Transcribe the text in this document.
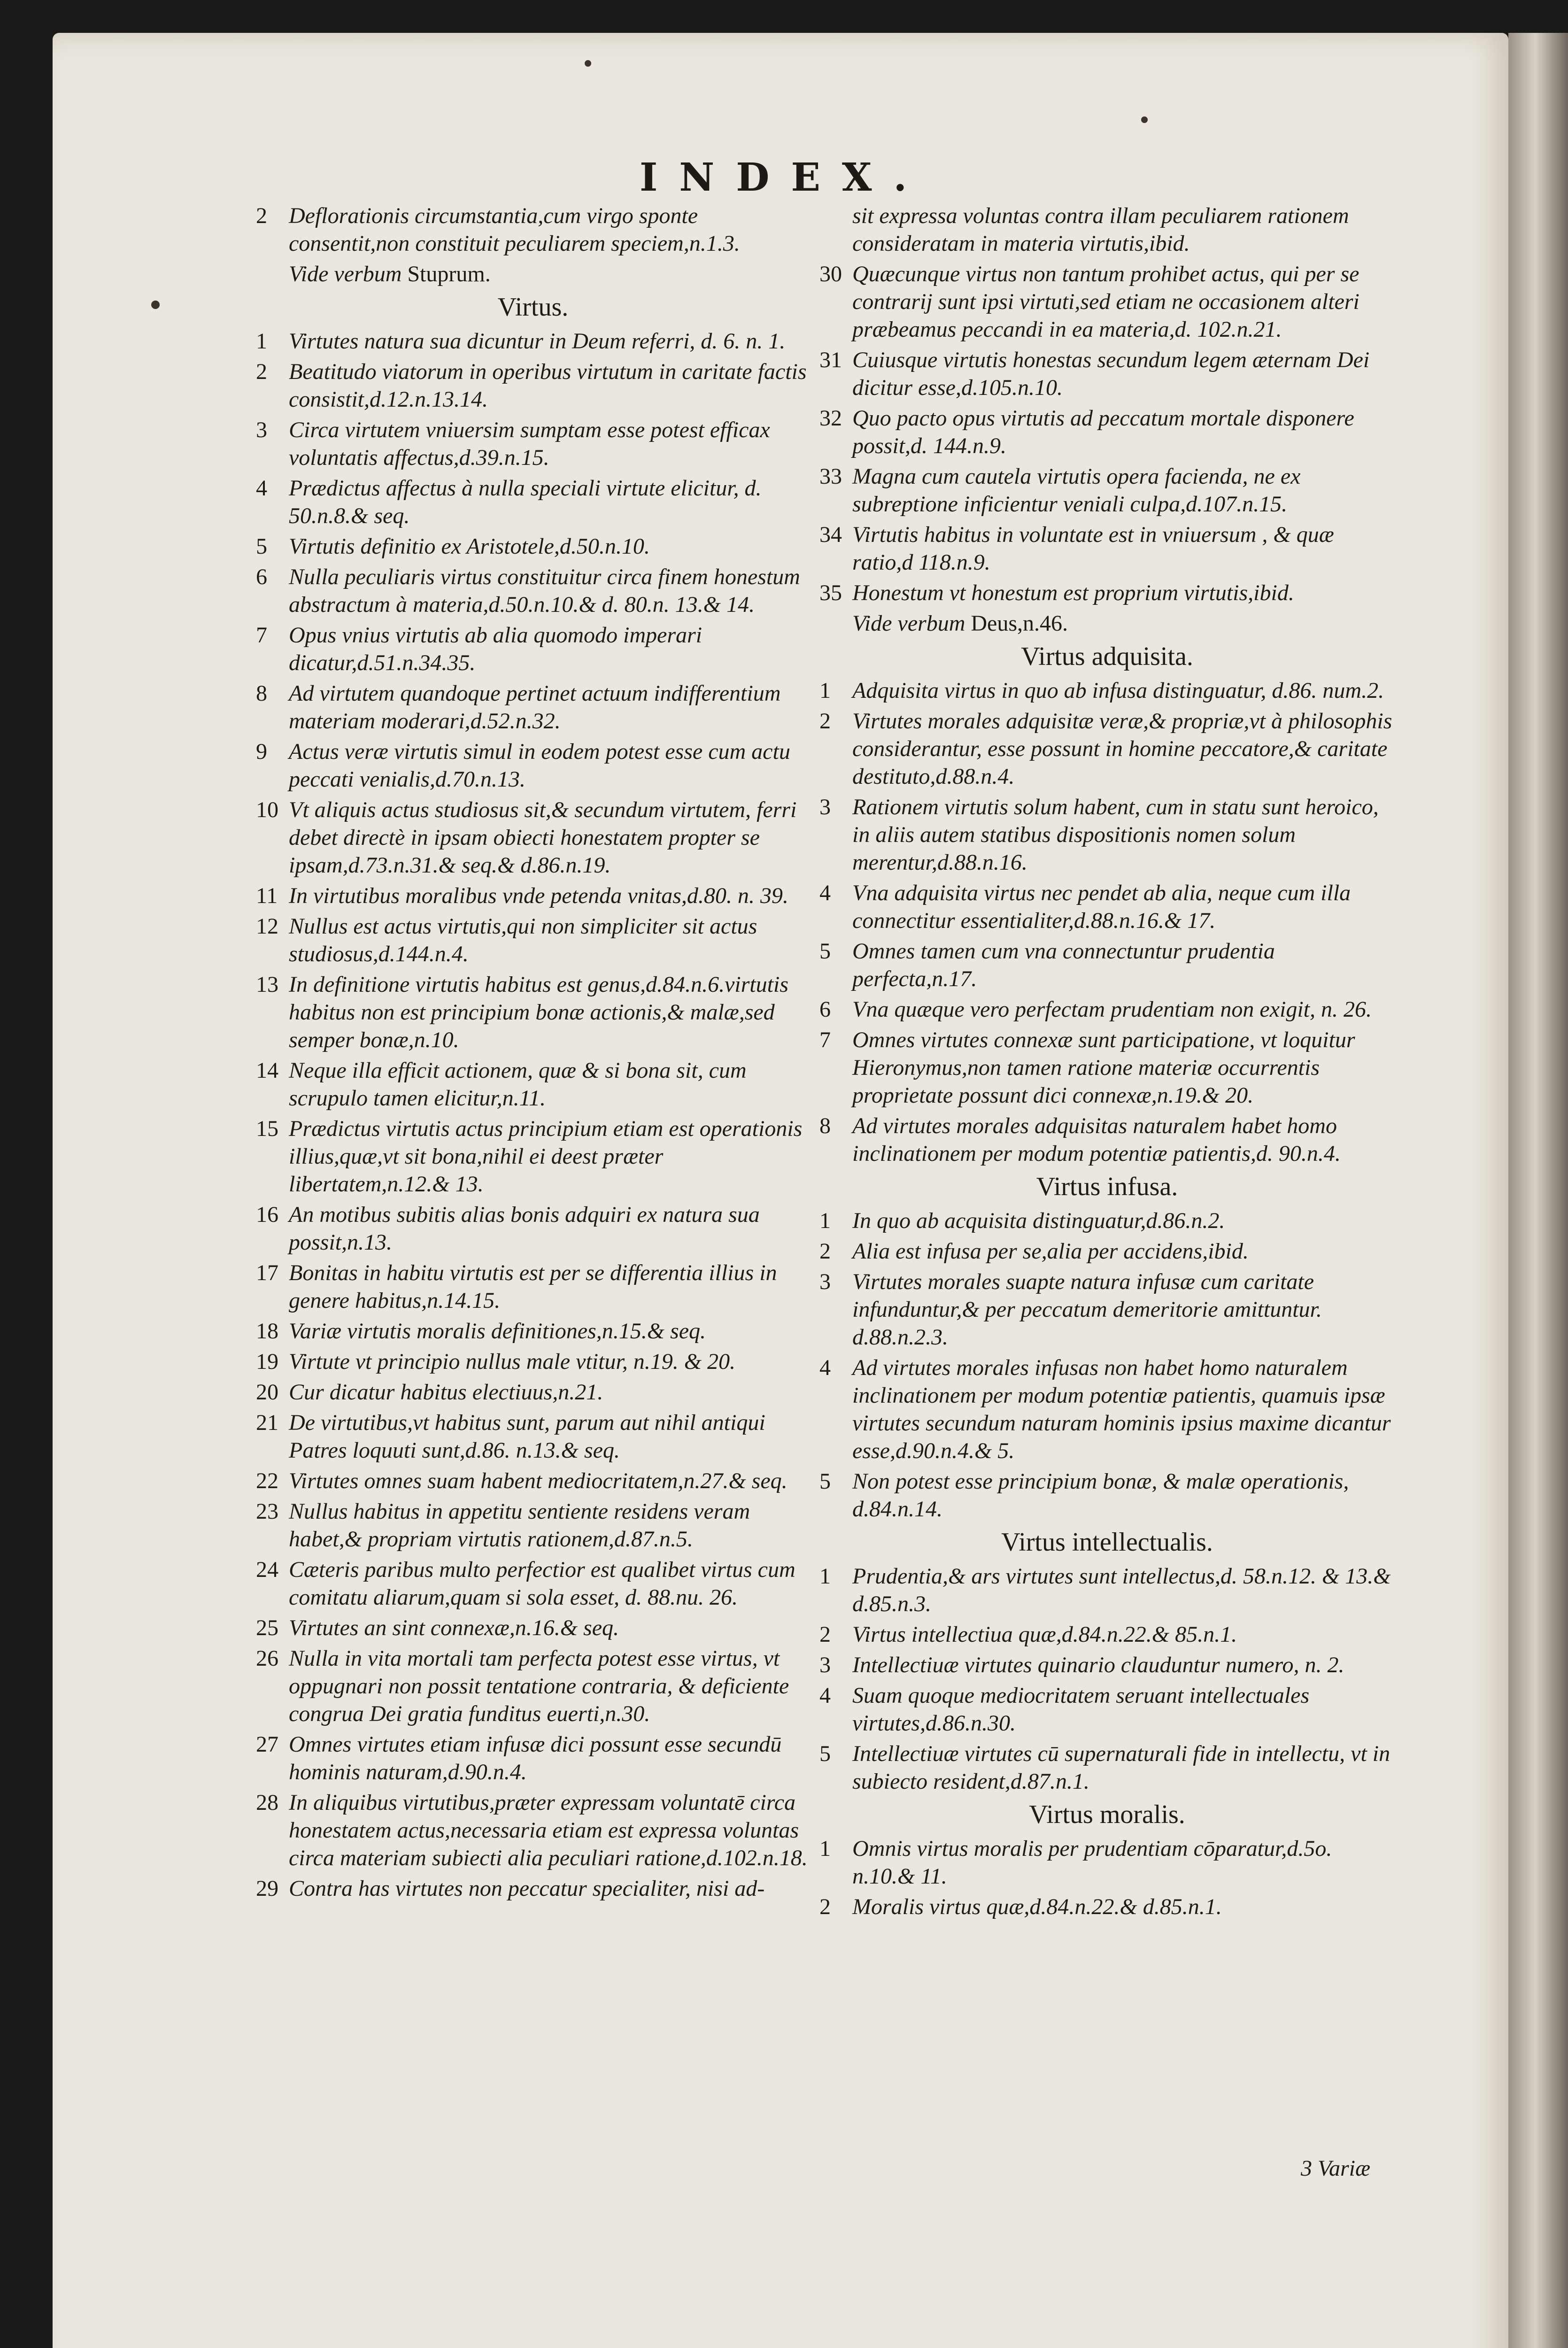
INDEX.
2 Deflorationis circumstantia,cum virgo sponte consentit,non constituit peculiarem speciem,n.1.3.
Vide verbum Stuprum.
Virtus.
1 Virtutes natura sua dicuntur in Deum referri, d. 6. n. 1.
2 Beatitudo viatorum in operibus virtutum in caritate factis consistit,d.12.n.13.14.
3 Circa virtutem vniuersim sumptam esse potest efficax voluntatis affectus,d.39.n.15.
4 Prædictus affectus à nulla speciali virtute elicitur, d. 50.n.8.& seq.
5 Virtutis definitio ex Aristotele,d.50.n.10.
6 Nulla peculiaris virtus constituitur circa finem honestum abstractum à materia,d.50.n.10.& d. 80.n. 13.& 14.
7 Opus vnius virtutis ab alia quomodo imperari dicatur,d.51.n.34.35.
8 Ad virtutem quandoque pertinet actuum indifferentium materiam moderari,d.52.n.32.
9 Actus veræ virtutis simul in eodem potest esse cum actu peccati venialis,d.70.n.13.
10 Vt aliquis actus studiosus sit,& secundum virtutem, ferri debet directè in ipsam obiecti honestatem propter se ipsam,d.73.n.31.& seq.& d.86.n.19.
11 In virtutibus moralibus vnde petenda vnitas,d.80. n. 39.
12 Nullus est actus virtutis,qui non simpliciter sit actus studiosus,d.144.n.4.
13 In definitione virtutis habitus est genus,d.84.n.6.virtutis habitus non est principium bonæ actionis,& malæ,sed semper bonæ,n.10.
14 Neque illa efficit actionem, quæ & si bona sit, cum scrupulo tamen elicitur,n.11.
15 Prædictus virtutis actus principium etiam est operationis illius,quæ,vt sit bona,nihil ei deest præter libertatem,n.12.& 13.
16 An motibus subitis alias bonis adquiri ex natura sua possit,n.13.
17 Bonitas in habitu virtutis est per se differentia illius in genere habitus,n.14.15.
18 Variæ virtutis moralis definitiones,n.15.& seq.
19 Virtute vt principio nullus male vtitur, n.19. & 20.
20 Cur dicatur habitus electiuus,n.21.
21 De virtutibus,vt habitus sunt, parum aut nihil antiqui Patres loquuti sunt,d.86. n.13.& seq.
22 Virtutes omnes suam habent mediocritatem,n.27.& seq.
23 Nullus habitus in appetitu sentiente residens veram habet,& propriam virtutis rationem,d.87.n.5.
24 Cæteris paribus multo perfectior est qualibet virtus cum comitatu aliarum,quam si sola esset, d. 88.nu. 26.
25 Virtutes an sint connexæ,n.16.& seq.
26 Nulla in vita mortali tam perfecta potest esse virtus, vt oppugnari non possit tentatione contraria, & deficiente congrua Dei gratia funditus euerti,n.30.
27 Omnes virtutes etiam infusæ dici possunt esse secundū hominis naturam,d.90.n.4.
28 In aliquibus virtutibus,præter expressam voluntatē circa honestatem actus,necessaria etiam est expressa voluntas circa materiam subiecti alia peculiari ratione,d.102.n.18.
29 Contra has virtutes non peccatur specialiter, nisi ad-
sit expressa voluntas contra illam peculiarem rationem consideratam in materia virtutis,ibid.
30 Quæcunque virtus non tantum prohibet actus, qui per se contrarij sunt ipsi virtuti,sed etiam ne occasionem alteri præbeamus peccandi in ea materia,d. 102.n.21.
31 Cuiusque virtutis honestas secundum legem æternam Dei dicitur esse,d.105.n.10.
32 Quo pacto opus virtutis ad peccatum mortale disponere possit,d. 144.n.9.
33 Magna cum cautela virtutis opera facienda, ne ex subreptione inficientur veniali culpa,d.107.n.15.
34 Virtutis habitus in voluntate est in vniuersum , & quæ ratio,d 118.n.9.
35 Honestum vt honestum est proprium virtutis,ibid.
Vide verbum Deus,n.46.
Virtus adquisita.
1 Adquisita virtus in quo ab infusa distinguatur, d.86. num.2.
2 Virtutes morales adquisitæ veræ,& propriæ,vt à philosophis considerantur, esse possunt in homine peccatore,& caritate destituto,d.88.n.4.
3 Rationem virtutis solum habent, cum in statu sunt heroico, in aliis autem statibus dispositionis nomen solum merentur,d.88.n.16.
4 Vna adquisita virtus nec pendet ab alia, neque cum illa connectitur essentialiter,d.88.n.16.& 17.
5 Omnes tamen cum vna connectuntur prudentia perfecta,n.17.
6 Vna quæque vero perfectam prudentiam non exigit, n. 26.
7 Omnes virtutes connexæ sunt participatione, vt loquitur Hieronymus,non tamen ratione materiæ occurrentis proprietate possunt dici connexæ,n.19.& 20.
8 Ad virtutes morales adquisitas naturalem habet homo inclinationem per modum potentiæ patientis,d. 90.n.4.
Virtus infusa.
1 In quo ab acquisita distinguatur,d.86.n.2.
2 Alia est infusa per se,alia per accidens,ibid.
3 Virtutes morales suapte natura infusæ cum caritate infunduntur,& per peccatum demeritorie amittuntur. d.88.n.2.3.
4 Ad virtutes morales infusas non habet homo naturalem inclinationem per modum potentiæ patientis, quamuis ipsæ virtutes secundum naturam hominis ipsius maxime dicantur esse,d.90.n.4.& 5.
5 Non potest esse principium bonæ, & malæ operationis, d.84.n.14.
Virtus intellectualis.
1 Prudentia,& ars virtutes sunt intellectus,d. 58.n.12. & 13.& d.85.n.3.
2 Virtus intellectiua quæ,d.84.n.22.& 85.n.1.
3 Intellectiuæ virtutes quinario clauduntur numero, n. 2.
4 Suam quoque mediocritatem seruant intellectuales virtutes,d.86.n.30.
5 Intellectiuæ virtutes cū supernaturali fide in intellectu, vt in subiecto resident,d.87.n.1.
Virtus moralis.
1 Omnis virtus moralis per prudentiam cōparatur,d.5o. n.10.& 11.
2 Moralis virtus quæ,d.84.n.22.& d.85.n.1.
3 Variæ
